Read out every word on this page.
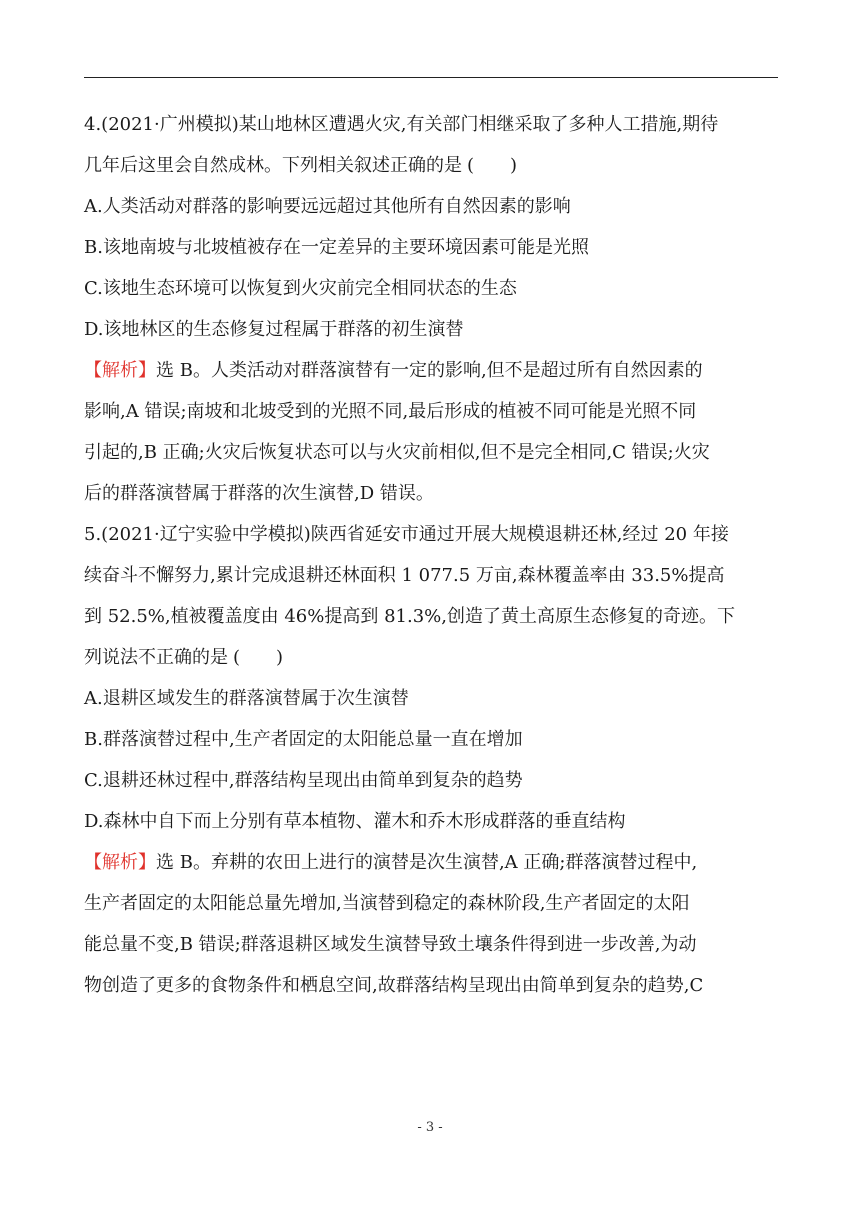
4.(2021·广州模拟)某山地林区遭遇火灾,有关部门相继采取了多种人工措施,期待
几年后这里会自然成林。下列相关叙述正确的是 ( )
A.人类活动对群落的影响要远远超过其他所有自然因素的影响
B.该地南坡与北坡植被存在一定差异的主要环境因素可能是光照
C.该地生态环境可以恢复到火灾前完全相同状态的生态
D.该地林区的生态修复过程属于群落的初生演替
【解析】选 B。人类活动对群落演替有一定的影响,但不是超过所有自然因素的
影响,A 错误;南坡和北坡受到的光照不同,最后形成的植被不同可能是光照不同
引起的,B 正确;火灾后恢复状态可以与火灾前相似,但不是完全相同,C 错误;火灾
后的群落演替属于群落的次生演替,D 错误。
5.(2021·辽宁实验中学模拟)陕西省延安市通过开展大规模退耕还林,经过 20 年接
续奋斗不懈努力,累计完成退耕还林面积 1 077.5 万亩,森林覆盖率由 33.5%提高
到 52.5%,植被覆盖度由 46%提高到 81.3%,创造了黄土高原生态修复的奇迹。下
列说法不正确的是 ( )
A.退耕区域发生的群落演替属于次生演替
B.群落演替过程中,生产者固定的太阳能总量一直在增加
C.退耕还林过程中,群落结构呈现出由简单到复杂的趋势
D.森林中自下而上分别有草本植物、灌木和乔木形成群落的垂直结构
【解析】选 B。弃耕的农田上进行的演替是次生演替,A 正确;群落演替过程中,
生产者固定的太阳能总量先增加,当演替到稳定的森林阶段,生产者固定的太阳
能总量不变,B 错误;群落退耕区域发生演替导致土壤条件得到进一步改善,为动
物创造了更多的食物条件和栖息空间,故群落结构呈现出由简单到复杂的趋势,C
- 3 -
